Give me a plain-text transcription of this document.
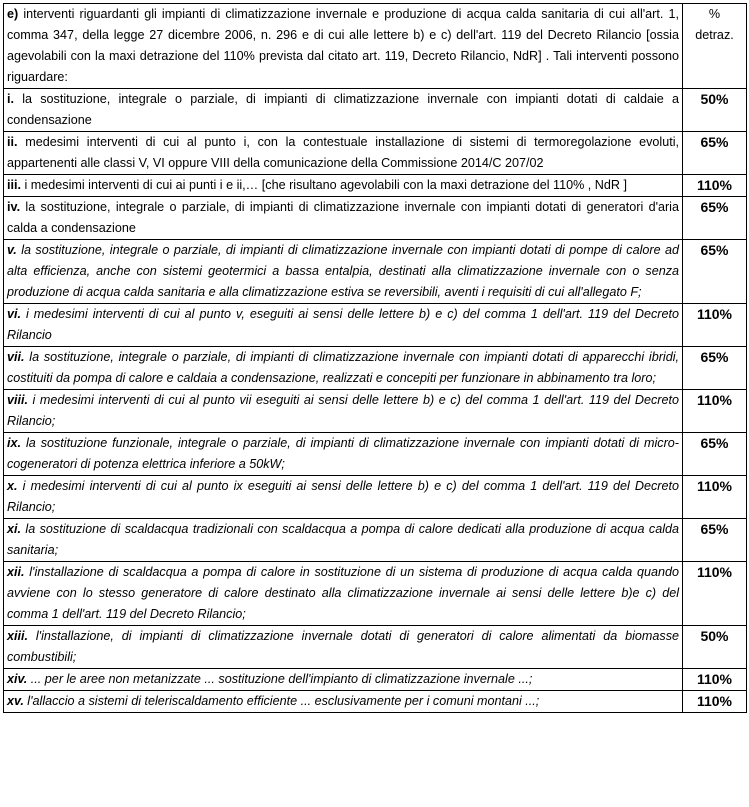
e) interventi riguardanti gli impianti di climatizzazione invernale e produzione di acqua calda sanitaria di cui all'art. 1, comma 347, della legge 27 dicembre 2006, n. 296 e di cui alle lettere b) e c) dell'art. 119 del Decreto Rilancio [ossia agevolabili con la maxi detrazione del 110% prevista dal citato art. 119, Decreto Rilancio, NdR] . Tali interventi possono riguardare:	%
detraz.
i. la sostituzione, integrale o parziale, di impianti di climatizzazione invernale con impianti dotati di caldaie a condensazione	50%
ii. medesimi interventi di cui al punto i, con la contestuale installazione di sistemi di termoregolazione evoluti, appartenenti alle classi V, VI oppure VIII della comunicazione della Commissione 2014/C 207/02	65%
iii. i medesimi interventi di cui ai punti i e ii,… [che risultano agevolabili con la maxi detrazione del 110% , NdR ]	110%
iv. la sostituzione, integrale o parziale, di impianti di climatizzazione invernale con impianti dotati di generatori d'aria calda a condensazione	65%
v. la sostituzione, integrale o parziale, di impianti di climatizzazione invernale con impianti dotati di pompe di calore ad alta efficienza, anche con sistemi geotermici a bassa entalpia, destinati alla climatizzazione invernale con o senza produzione di acqua calda sanitaria e alla climatizzazione estiva se reversibili, aventi i requisiti di cui all'allegato F;	65%
vi. i medesimi interventi di cui al punto v, eseguiti ai sensi delle lettere b) e c) del comma 1 dell'art. 119 del Decreto Rilancio	110%
vii. la sostituzione, integrale o parziale, di impianti di climatizzazione invernale con impianti dotati di apparecchi ibridi, costituiti da pompa di calore e caldaia a condensazione, realizzati e concepiti per funzionare in abbinamento tra loro;	65%
viii. i medesimi interventi di cui al punto vii eseguiti ai sensi delle lettere b) e c) del comma 1 dell'art. 119 del Decreto Rilancio;	110%
ix. la sostituzione funzionale, integrale o parziale, di impianti di climatizzazione invernale con impianti dotati di micro-cogeneratori di potenza elettrica inferiore a 50kW;	65%
x. i medesimi interventi di cui al punto ix eseguiti ai sensi delle lettere b) e c) del comma 1 dell'art. 119 del Decreto Rilancio;	110%
xi. la sostituzione di scaldacqua tradizionali con scaldacqua a pompa di calore dedicati alla produzione di acqua calda sanitaria;	65%
xii. l'installazione di scaldacqua a pompa di calore in sostituzione di un sistema di produzione di acqua calda quando avviene con lo stesso generatore di calore destinato alla climatizzazione invernale ai sensi delle lettere b)e c) del comma 1 dell'art. 119 del Decreto Rilancio;	110%
xiii. l'installazione, di impianti di climatizzazione invernale dotati di generatori di calore alimentati da biomasse combustibili;	50%
xiv. ... per le aree non metanizzate ... sostituzione dell'impianto di climatizzazione invernale ...;	110%
xv. l'allaccio a sistemi di teleriscaldamento efficiente ... esclusivamente per i comuni montani ...;	110%
